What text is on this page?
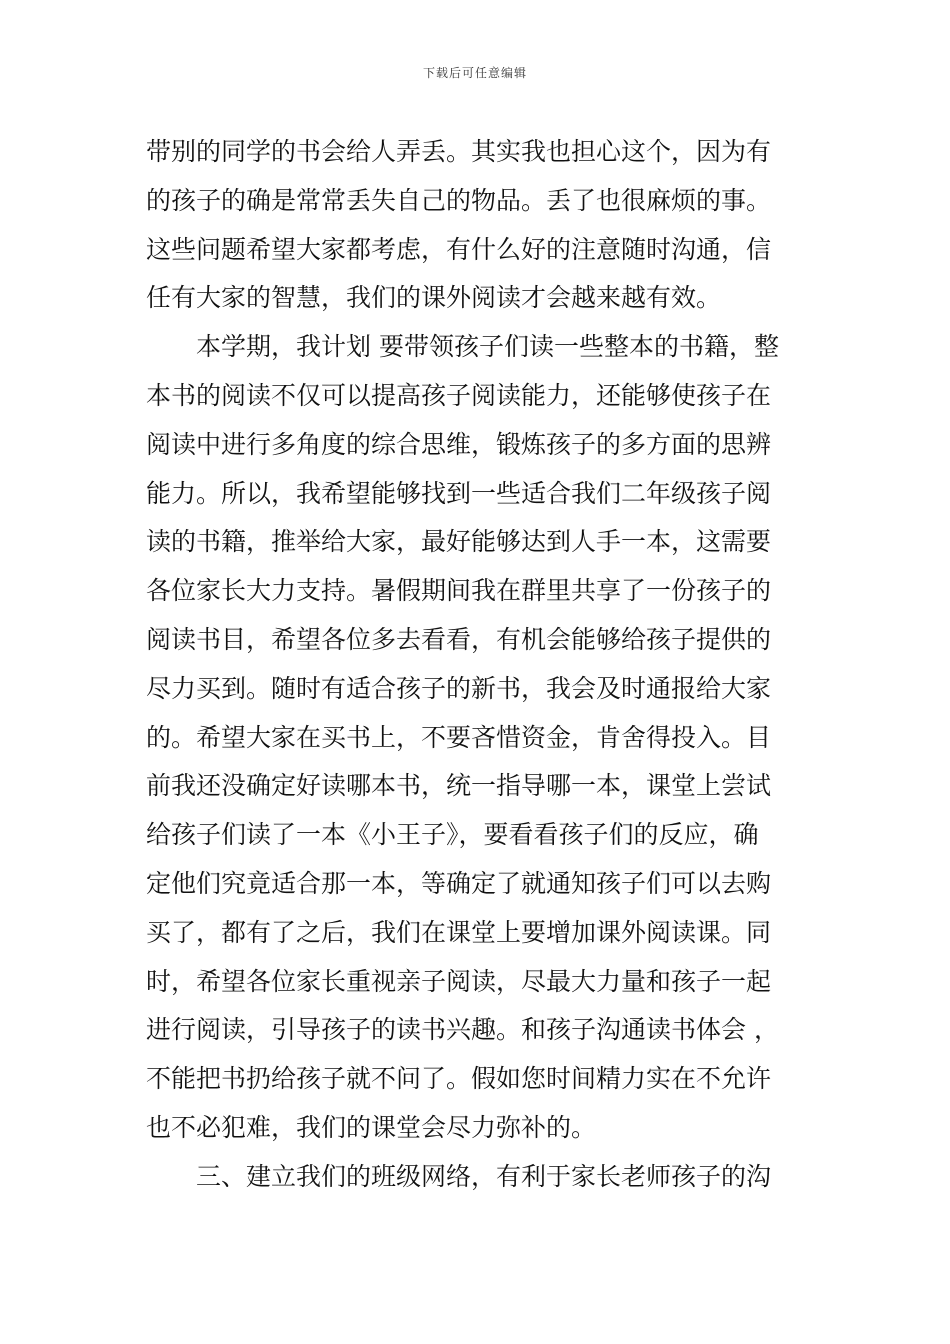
下载后可任意编辑
带别的同学的书会给人弄丢。其实我也担心这个，因为有
的孩子的确是常常丢失自己的物品。丢了也很麻烦的事。
这些问题希望大家都考虑，有什么好的注意随时沟通，信
任有大家的智慧，我们的课外阅读才会越来越有效。
　　本学期，我计划 要带领孩子们读一些整本的书籍，整
本书的阅读不仅可以提高孩子阅读能力，还能够使孩子在
阅读中进行多角度的综合思维，锻炼孩子的多方面的思辨
能力。所以，我希望能够找到一些适合我们二年级孩子阅
读的书籍，推举给大家，最好能够达到人手一本，这需要
各位家长大力支持。暑假期间我在群里共享了一份孩子的
阅读书目，希望各位多去看看，有机会能够给孩子提供的
尽力买到。随时有适合孩子的新书，我会及时通报给大家
的。希望大家在买书上，不要吝惜资金，肯舍得投入。目
前我还没确定好读哪本书，统一指导哪一本，课堂上尝试
给孩子们读了一本《小王子》，要看看孩子们的反应，确
定他们究竟适合那一本，等确定了就通知孩子们可以去购
买了，都有了之后，我们在课堂上要增加课外阅读课。同
时，希望各位家长重视亲子阅读，尽最大力量和孩子一起
进行阅读，引导孩子的读书兴趣。和孩子沟通读书体会 ，
不能把书扔给孩子就不问了。假如您时间精力实在不允许
也不必犯难，我们的课堂会尽力弥补的。
　　三、建立我们的班级网络，有利于家长老师孩子的沟
